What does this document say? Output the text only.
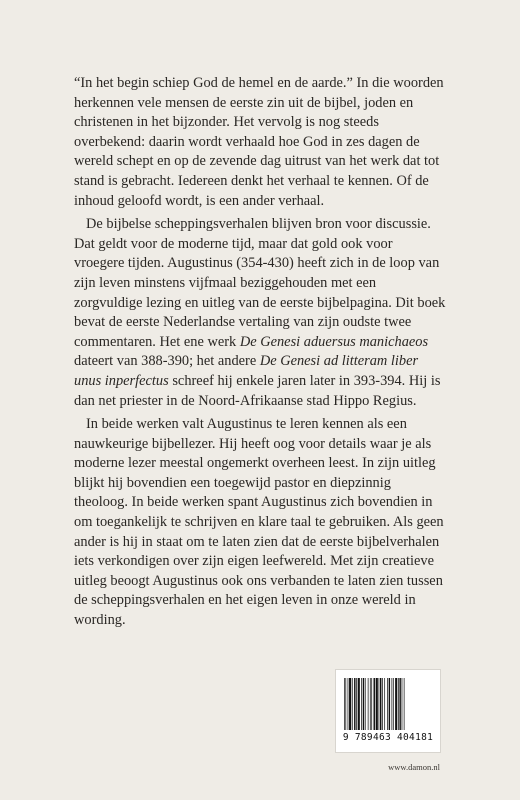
“In het begin schiep God de hemel en de aarde.” In die woorden herkennen vele mensen de eerste zin uit de bijbel, joden en christenen in het bijzonder. Het vervolg is nog steeds overbekend: daarin wordt verhaald hoe God in zes dagen de wereld schept en op de zevende dag uitrust van het werk dat tot stand is gebracht. Iedereen denkt het verhaal te kennen. Of de inhoud geloofd wordt, is een ander verhaal.

De bijbelse scheppingsverhalen blijven bron voor discussie. Dat geldt voor de moderne tijd, maar dat gold ook voor vroegere tijden. Augustinus (354-430) heeft zich in de loop van zijn leven minstens vijfmaal beziggehouden met een zorgvuldige lezing en uitleg van de eerste bijbelpagina. Dit boek bevat de eerste Nederlandse vertaling van zijn oudste twee commentaren. Het ene werk De Genesi aduersus manichaeos dateert van 388-390; het andere De Genesi ad litteram liber unus inperfectus schreef hij enkele jaren later in 393-394. Hij is dan net priester in de Noord-Afrikaanse stad Hippo Regius.

In beide werken valt Augustinus te leren kennen als een nauwkeurige bijbellezer. Hij heeft oog voor details waar je als moderne lezer meestal ongemerkt overheen leest. In zijn uitleg blijkt hij bovendien een toegewijd pastor en diepzinnig theoloog. In beide werken spant Augustinus zich bovendien in om toegankelijk te schrijven en klare taal te gebruiken. Als geen ander is hij in staat om te laten zien dat de eerste bijbelverhalen iets verkondigen over zijn eigen leefwereld. Met zijn creatieve uitleg beoogt Augustinus ook ons verbanden te laten zien tussen de scheppingsverhalen en het eigen leven in onze wereld in wording.

9 789463 404181
www.damon.nl
